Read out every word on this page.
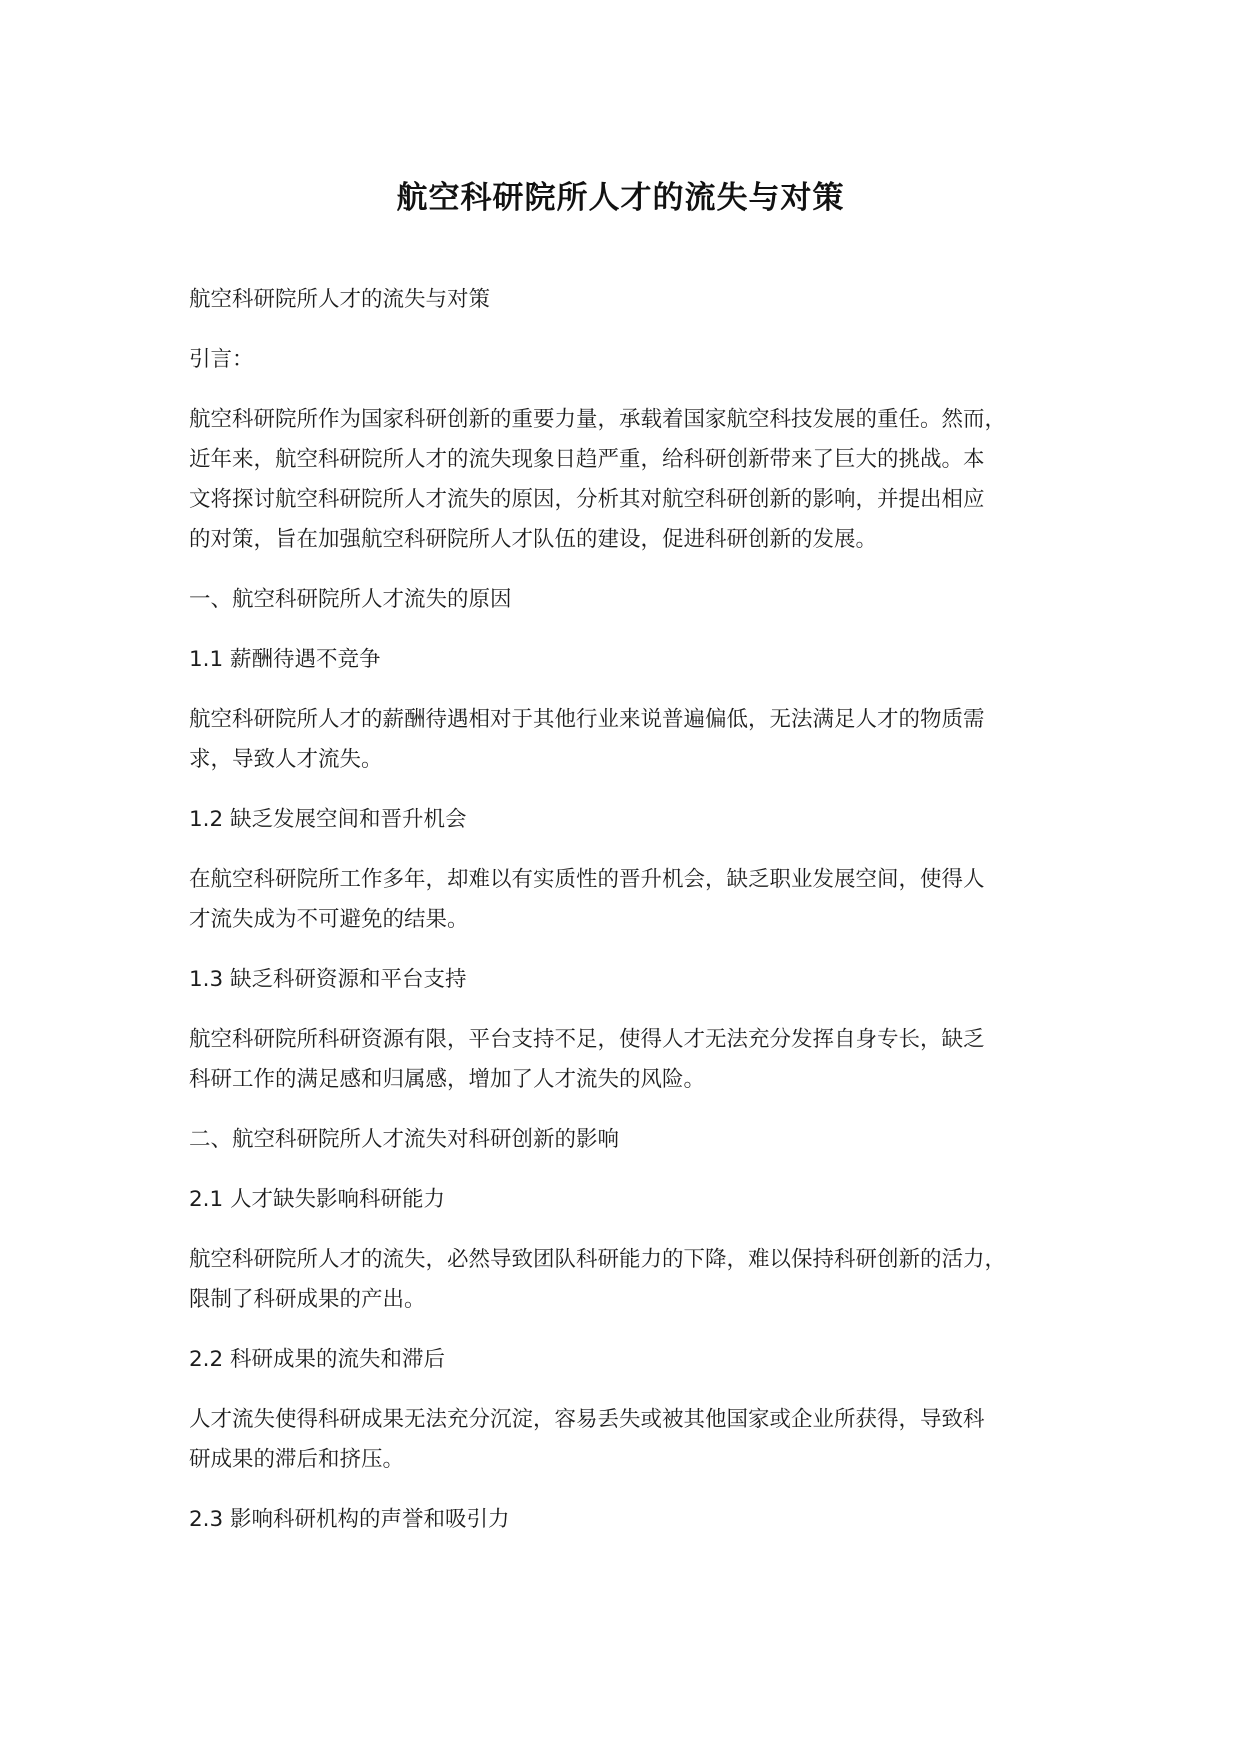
航空科研院所人才的流失与对策
航空科研院所人才的流失与对策
引言：
航空科研院所作为国家科研创新的重要力量，承载着国家航空科技发展的重任。然而，
近年来，航空科研院所人才的流失现象日趋严重，给科研创新带来了巨大的挑战。本
文将探讨航空科研院所人才流失的原因，分析其对航空科研创新的影响，并提出相应
的对策，旨在加强航空科研院所人才队伍的建设，促进科研创新的发展。
一、航空科研院所人才流失的原因
1.1 薪酬待遇不竞争
航空科研院所人才的薪酬待遇相对于其他行业来说普遍偏低，无法满足人才的物质需
求，导致人才流失。
1.2 缺乏发展空间和晋升机会
在航空科研院所工作多年，却难以有实质性的晋升机会，缺乏职业发展空间，使得人
才流失成为不可避免的结果。
1.3 缺乏科研资源和平台支持
航空科研院所科研资源有限，平台支持不足，使得人才无法充分发挥自身专长，缺乏
科研工作的满足感和归属感，增加了人才流失的风险。
二、航空科研院所人才流失对科研创新的影响
2.1 人才缺失影响科研能力
航空科研院所人才的流失，必然导致团队科研能力的下降，难以保持科研创新的活力，
限制了科研成果的产出。
2.2 科研成果的流失和滞后
人才流失使得科研成果无法充分沉淀，容易丢失或被其他国家或企业所获得，导致科
研成果的滞后和挤压。
2.3 影响科研机构的声誉和吸引力
